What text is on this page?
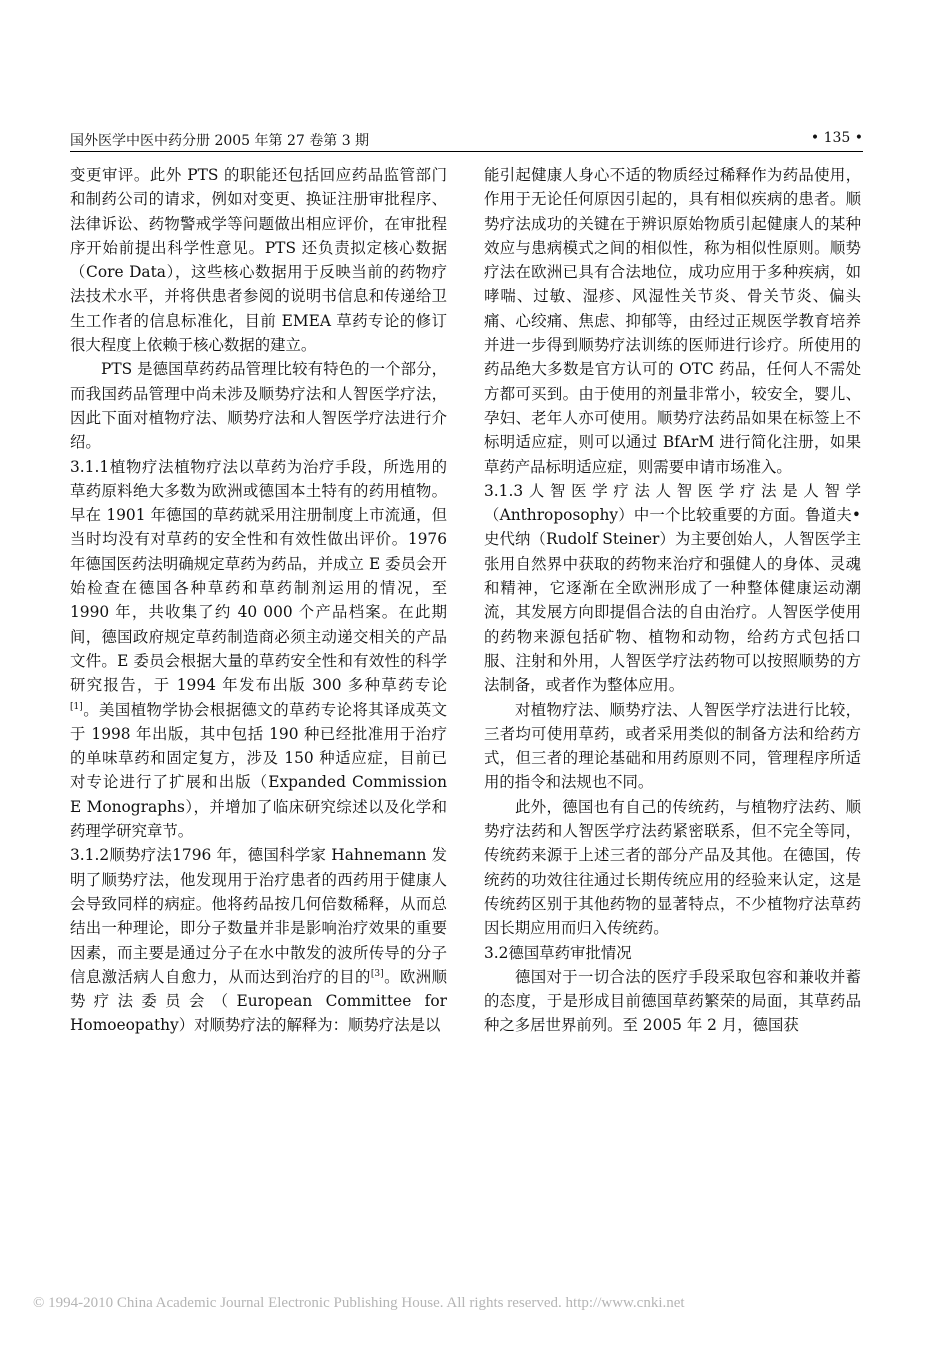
国外医学中医中药分册 2005 年第 27 卷第 3 期	• 135 •

变更审评。此外 PTS 的职能还包括回应药品监管部门和制药公司的请求，例如对变更、换证注册审批程序、法律诉讼、药物警戒学等问题做出相应评价，在审批程序开始前提出科学性意见。PTS 还负责拟定核心数据（Core Data），这些核心数据用于反映当前的药物疗法技术水平，并将供患者参阅的说明书信息和传递给卫生工作者的信息标准化，目前 EMEA 草药专论的修订很大程度上依赖于核心数据的建立。

PTS 是德国草药药品管理比较有特色的一个部分，而我国药品管理中尚未涉及顺势疗法和人智医学疗法，因此下面对植物疗法、顺势疗法和人智医学疗法进行介绍。

3.1.1植物疗法植物疗法以草药为治疗手段，所选用的草药原料绝大多数为欧洲或德国本土特有的药用植物。早在 1901 年德国的草药就采用注册制度上市流通，但当时均没有对草药的安全性和有效性做出评价。1976 年德国医药法明确规定草药为药品，并成立 E 委员会开始检查在德国各种草药和草药制剂运用的情况，至 1990 年，共收集了约 40 000 个产品档案。在此期间，德国政府规定草药制造商必须主动递交相关的产品文件。E 委员会根据大量的草药安全性和有效性的科学研究报告，于 1994 年发布出版 300 多种草药专论[1]。美国植物学协会根据德文的草药专论将其译成英文于 1998 年出版，其中包括 190 种已经批准用于治疗的单味草药和固定复方，涉及 150 种适应症，目前已对专论进行了扩展和出版（Expanded Commission E Monographs），并增加了临床研究综述以及化学和药理学研究章节。

3.1.2顺势疗法1796 年，德国科学家 Hahnemann 发明了顺势疗法，他发现用于治疗患者的西药用于健康人会导致同样的病症。他将药品按几何倍数稀释，从而总结出一种理论，即分子数量并非是影响治疗效果的重要因素，而主要是通过分子在水中散发的波所传导的分子信息激活病人自愈力，从而达到治疗的目的[3]。欧洲顺势疗法委员会（European Committee for Homoeopathy）对顺势疗法的解释为：顺势疗法是以

能引起健康人身心不适的物质经过稀释作为药品使用，作用于无论任何原因引起的，具有相似疾病的患者。顺势疗法成功的关键在于辨识原始物质引起健康人的某种效应与患病模式之间的相似性，称为相似性原则。顺势疗法在欧洲已具有合法地位，成功应用于多种疾病，如哮喘、过敏、湿疹、风湿性关节炎、骨关节炎、偏头痛、心绞痛、焦虑、抑郁等，由经过正规医学教育培养并进一步得到顺势疗法训练的医师进行诊疗。所使用的药品绝大多数是官方认可的 OTC 药品，任何人不需处方都可买到。由于使用的剂量非常小，较安全，婴儿、孕妇、老年人亦可使用。顺势疗法药品如果在标签上不标明适应症，则可以通过 BfArM 进行简化注册，如果草药产品标明适应症，则需要申请市场准入。

3.1.3人智医学疗法人智医学疗法是人智学（Anthroposophy）中一个比较重要的方面。鲁道夫•史代纳（Rudolf Steiner）为主要创始人，人智医学主张用自然界中获取的药物来治疗和强健人的身体、灵魂和精神，它逐渐在全欧洲形成了一种整体健康运动潮流，其发展方向即提倡合法的自由治疗。人智医学使用的药物来源包括矿物、植物和动物，给药方式包括口服、注射和外用，人智医学疗法药物可以按照顺势的方法制备，或者作为整体应用。

对植物疗法、顺势疗法、人智医学疗法进行比较，三者均可使用草药，或者采用类似的制备方法和给药方式，但三者的理论基础和用药原则不同，管理程序所适用的指令和法规也不同。

此外，德国也有自己的传统药，与植物疗法药、顺势疗法药和人智医学疗法药紧密联系，但不完全等同，传统药来源于上述三者的部分产品及其他。在德国，传统药的功效往往通过长期传统应用的经验来认定，这是传统药区别于其他药物的显著特点，不少植物疗法草药因长期应用而归入传统药。

3.2德国草药审批情况

德国对于一切合法的医疗手段采取包容和兼收并蓄的态度，于是形成目前德国草药繁荣的局面，其草药品种之多居世界前列。至 2005 年 2 月，德国获

© 1994-2010 China Academic Journal Electronic Publishing House. All rights reserved. http://www.cnki.net
